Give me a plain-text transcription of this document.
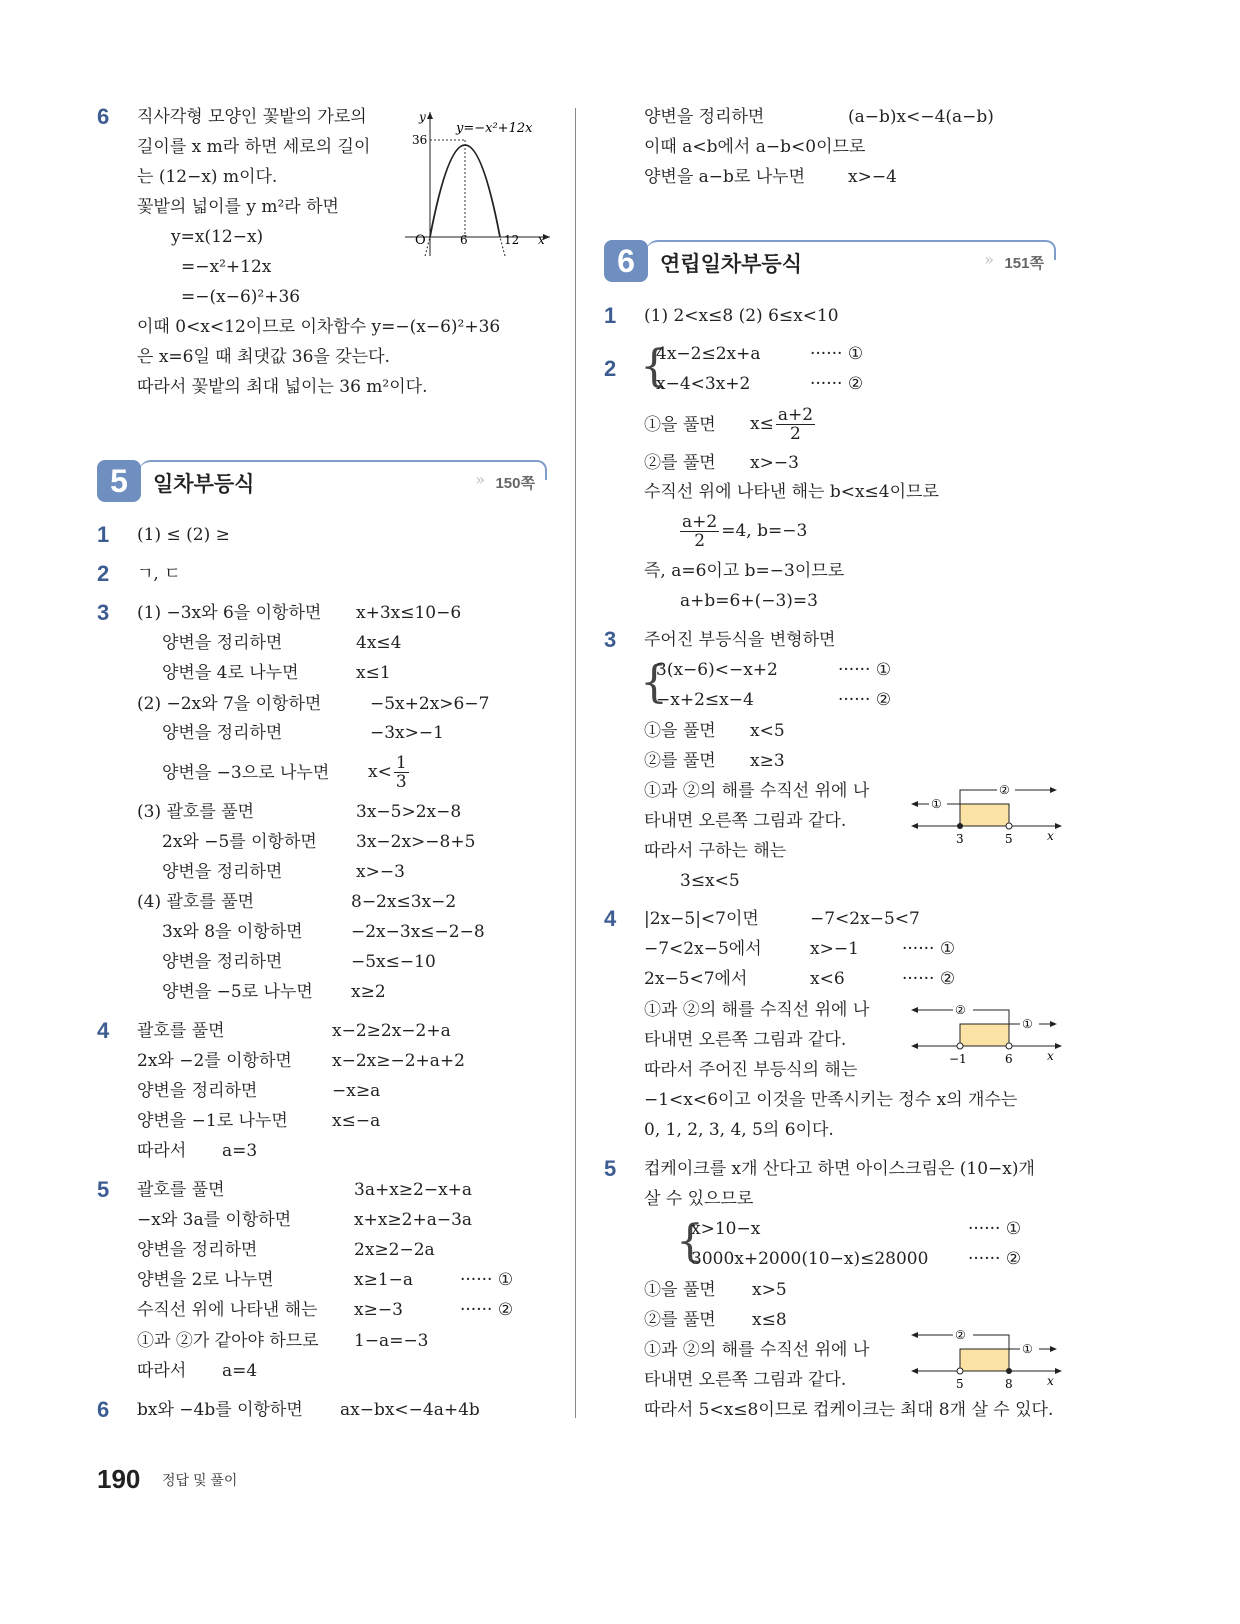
6 직사각형 모양인 꽃밭의 가로의
길이를 x m라 하면 세로의 길이
는 (12−x) m이다.
꽃밭의 넓이를 y m²라 하면
y=x(12−x)
=−x²+12x
=−(x−6)²+36
이때 0<x<12이므로 이차함수 y=−(x−6)²+36
은 x=6일 때 최댓값 36을 갖는다.
따라서 꽃밭의 최대 넓이는 36 m²이다.
y
36
O	6	12 x
y=−x²+12x
5	일차부등식	» 150쪽
1 (1) ≤ (2) ≥
2 ㄱ, ㄷ
3 (1) −3x와 6을 이항하면 x+3x≤10−6
양변을 정리하면	4x≤4
양변을 4로 나누면	x≤1
(2) −2x와 7을 이항하면	−5x+2x>6−7
양변을 정리하면	−3x>−1
양변을 −3으로 나누면 $x< \frac{1}{3}$
(3) 괄호를 풀면	3x−5>2x−8
2x와 −5를 이항하면 3x−2x>−8+5
양변을 정리하면	x>−3
(4) 괄호를 풀면	8−2x≤3x−2
3x와 8을 이항하면	−2x−3x≤−2−8
양변을 정리하면	−5x≤−10
양변을 −5로 나누면 x≥2
4 괄호를 풀면	x−2≥2x−2+a
2x와 −2를 이항하면 x−2x≥−2+a+2
양변을 정리하면	−x≥a
양변을 −1로 나누면	x≤−a
따라서 a=3
5 괄호를 풀면	3a+x≥2−x+a
−x와 3a를 이항하면	x+x≥2+a−3a
양변을 정리하면	2x≥2−2a
양변을 2로 나누면	x≥1−a	······ ①
수직선 위에 나타낸 해는 x≥−3	······ ②
①과 ②가 같아야 하므로 1−a=−3
따라서 a=4
6 bx와 −4b를 이항하면 ax−bx<−4a+4b
양변을 정리하면	(a−b)x<−4(a−b)
이때 a<b에서 a−b<0이므로
양변을 a−b로 나누면	x>−4
6	연립일차부등식	» 151쪽
1 (1) 2<x≤8 (2) 6≤x<10
2 {
4x−2≤2x+a	······ ①
x−4<3x+2	······ ②
①을 풀면 $x\le \frac{a+2}{2}$
②를 풀면 x>−3
수직선 위에 나타낸 해는 b<x≤4이므로
$\frac{a+2}{2} =4$, b=−3
즉, a=6이고 b=−3이므로
a+b=6+(−3)=3
3 주어진 부등식을 변형하면
{
3(x−6)<−x+2	······ ①
−x+2≤x−4	······ ②
①을 풀면 x<5
②를 풀면 x≥3
①과 ②의 해를 수직선 위에 나
타내면 오른쪽 그림과 같다.
따라서 구하는 해는
3≤x<5
①
②
3	5	x
4 |2x−5|<7이면	−7<2x−5<7
−7<2x−5에서	x>−1	······ ①
2x−5<7에서	x<6	······ ②
①과 ②의 해를 수직선 위에 나
타내면 오른쪽 그림과 같다.
따라서 주어진 부등식의 해는
−1<x<6이고 이것을 만족시키는 정수 x의 개수는
0, 1, 2, 3, 4, 5의 6이다.
②
①
−1	6	x
5 컵케이크를 x개 산다고 하면 아이스크림은 (10−x)개
살 수 있으므로
{
x>10−x	······ ①
3000x+2000(10−x)≤28000 ······ ②
①을 풀면 x>5
②를 풀면 x≤8
①과 ②의 해를 수직선 위에 나
타내면 오른쪽 그림과 같다.
따라서 5<x≤8이므로 컵케이크는 최대 8개 살 수 있다.
②
①
5	8	x
190 정답 및 풀이
